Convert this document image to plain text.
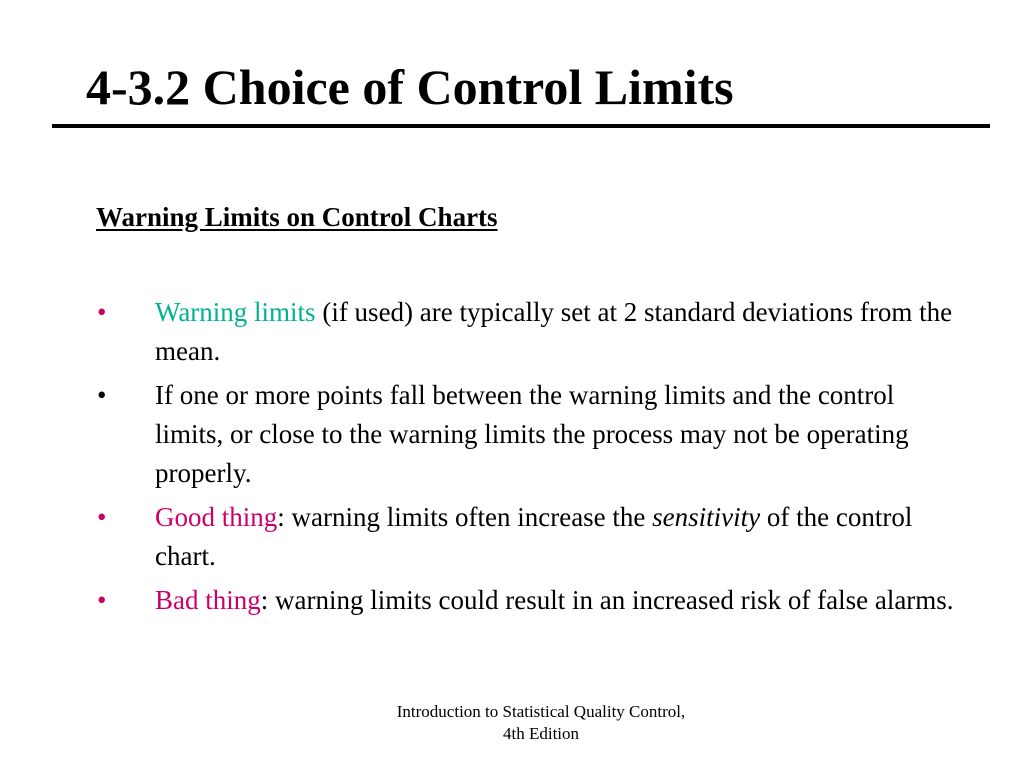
4-3.2 Choice of Control Limits
Warning Limits on Control Charts
• Warning limits (if used) are typically set at 2 standard deviations from the mean.
• If one or more points fall between the warning limits and the control limits, or close to the warning limits the process may not be operating properly.
• Good thing: warning limits often increase the sensitivity of the control chart.
• Bad thing: warning limits could result in an increased risk of false alarms.
Introduction to Statistical Quality Control,
4th Edition
